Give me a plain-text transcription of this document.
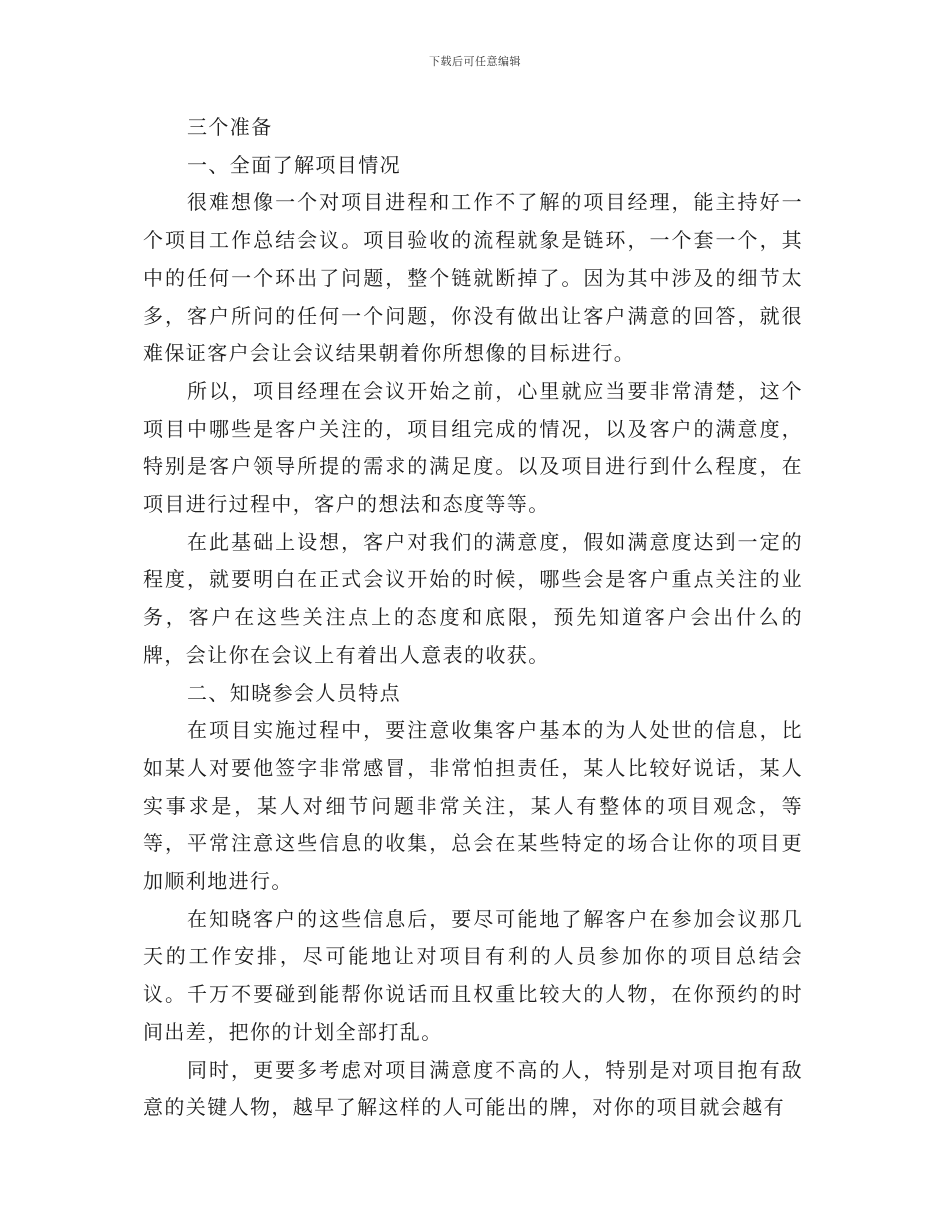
下载后可任意编辑

三个准备

一、全面了解项目情况

很难想像一个对项目进程和工作不了解的项目经理，能主持好一个项目工作总结会议。项目验收的流程就象是链环，一个套一个，其中的任何一个环出了问题，整个链就断掉了。因为其中涉及的细节太多，客户所问的任何一个问题，你没有做出让客户满意的回答，就很难保证客户会让会议结果朝着你所想像的目标进行。

所以，项目经理在会议开始之前，心里就应当要非常清楚，这个项目中哪些是客户关注的，项目组完成的情况，以及客户的满意度，特别是客户领导所提的需求的满足度。以及项目进行到什么程度，在项目进行过程中，客户的想法和态度等等。

在此基础上设想，客户对我们的满意度，假如满意度达到一定的程度，就要明白在正式会议开始的时候，哪些会是客户重点关注的业务，客户在这些关注点上的态度和底限，预先知道客户会出什么的牌，会让你在会议上有着出人意表的收获。

二、知晓参会人员特点

在项目实施过程中，要注意收集客户基本的为人处世的信息，比如某人对要他签字非常感冒，非常怕担责任，某人比较好说话，某人实事求是，某人对细节问题非常关注，某人有整体的项目观念，等等，平常注意这些信息的收集，总会在某些特定的场合让你的项目更加顺利地进行。

在知晓客户的这些信息后，要尽可能地了解客户在参加会议那几天的工作安排，尽可能地让对项目有利的人员参加你的项目总结会议。千万不要碰到能帮你说话而且权重比较大的人物，在你预约的时间出差，把你的计划全部打乱。

同时，更要多考虑对项目满意度不高的人，特别是对项目抱有敌意的关键人物，越早了解这样的人可能出的牌，对你的项目就会越有
